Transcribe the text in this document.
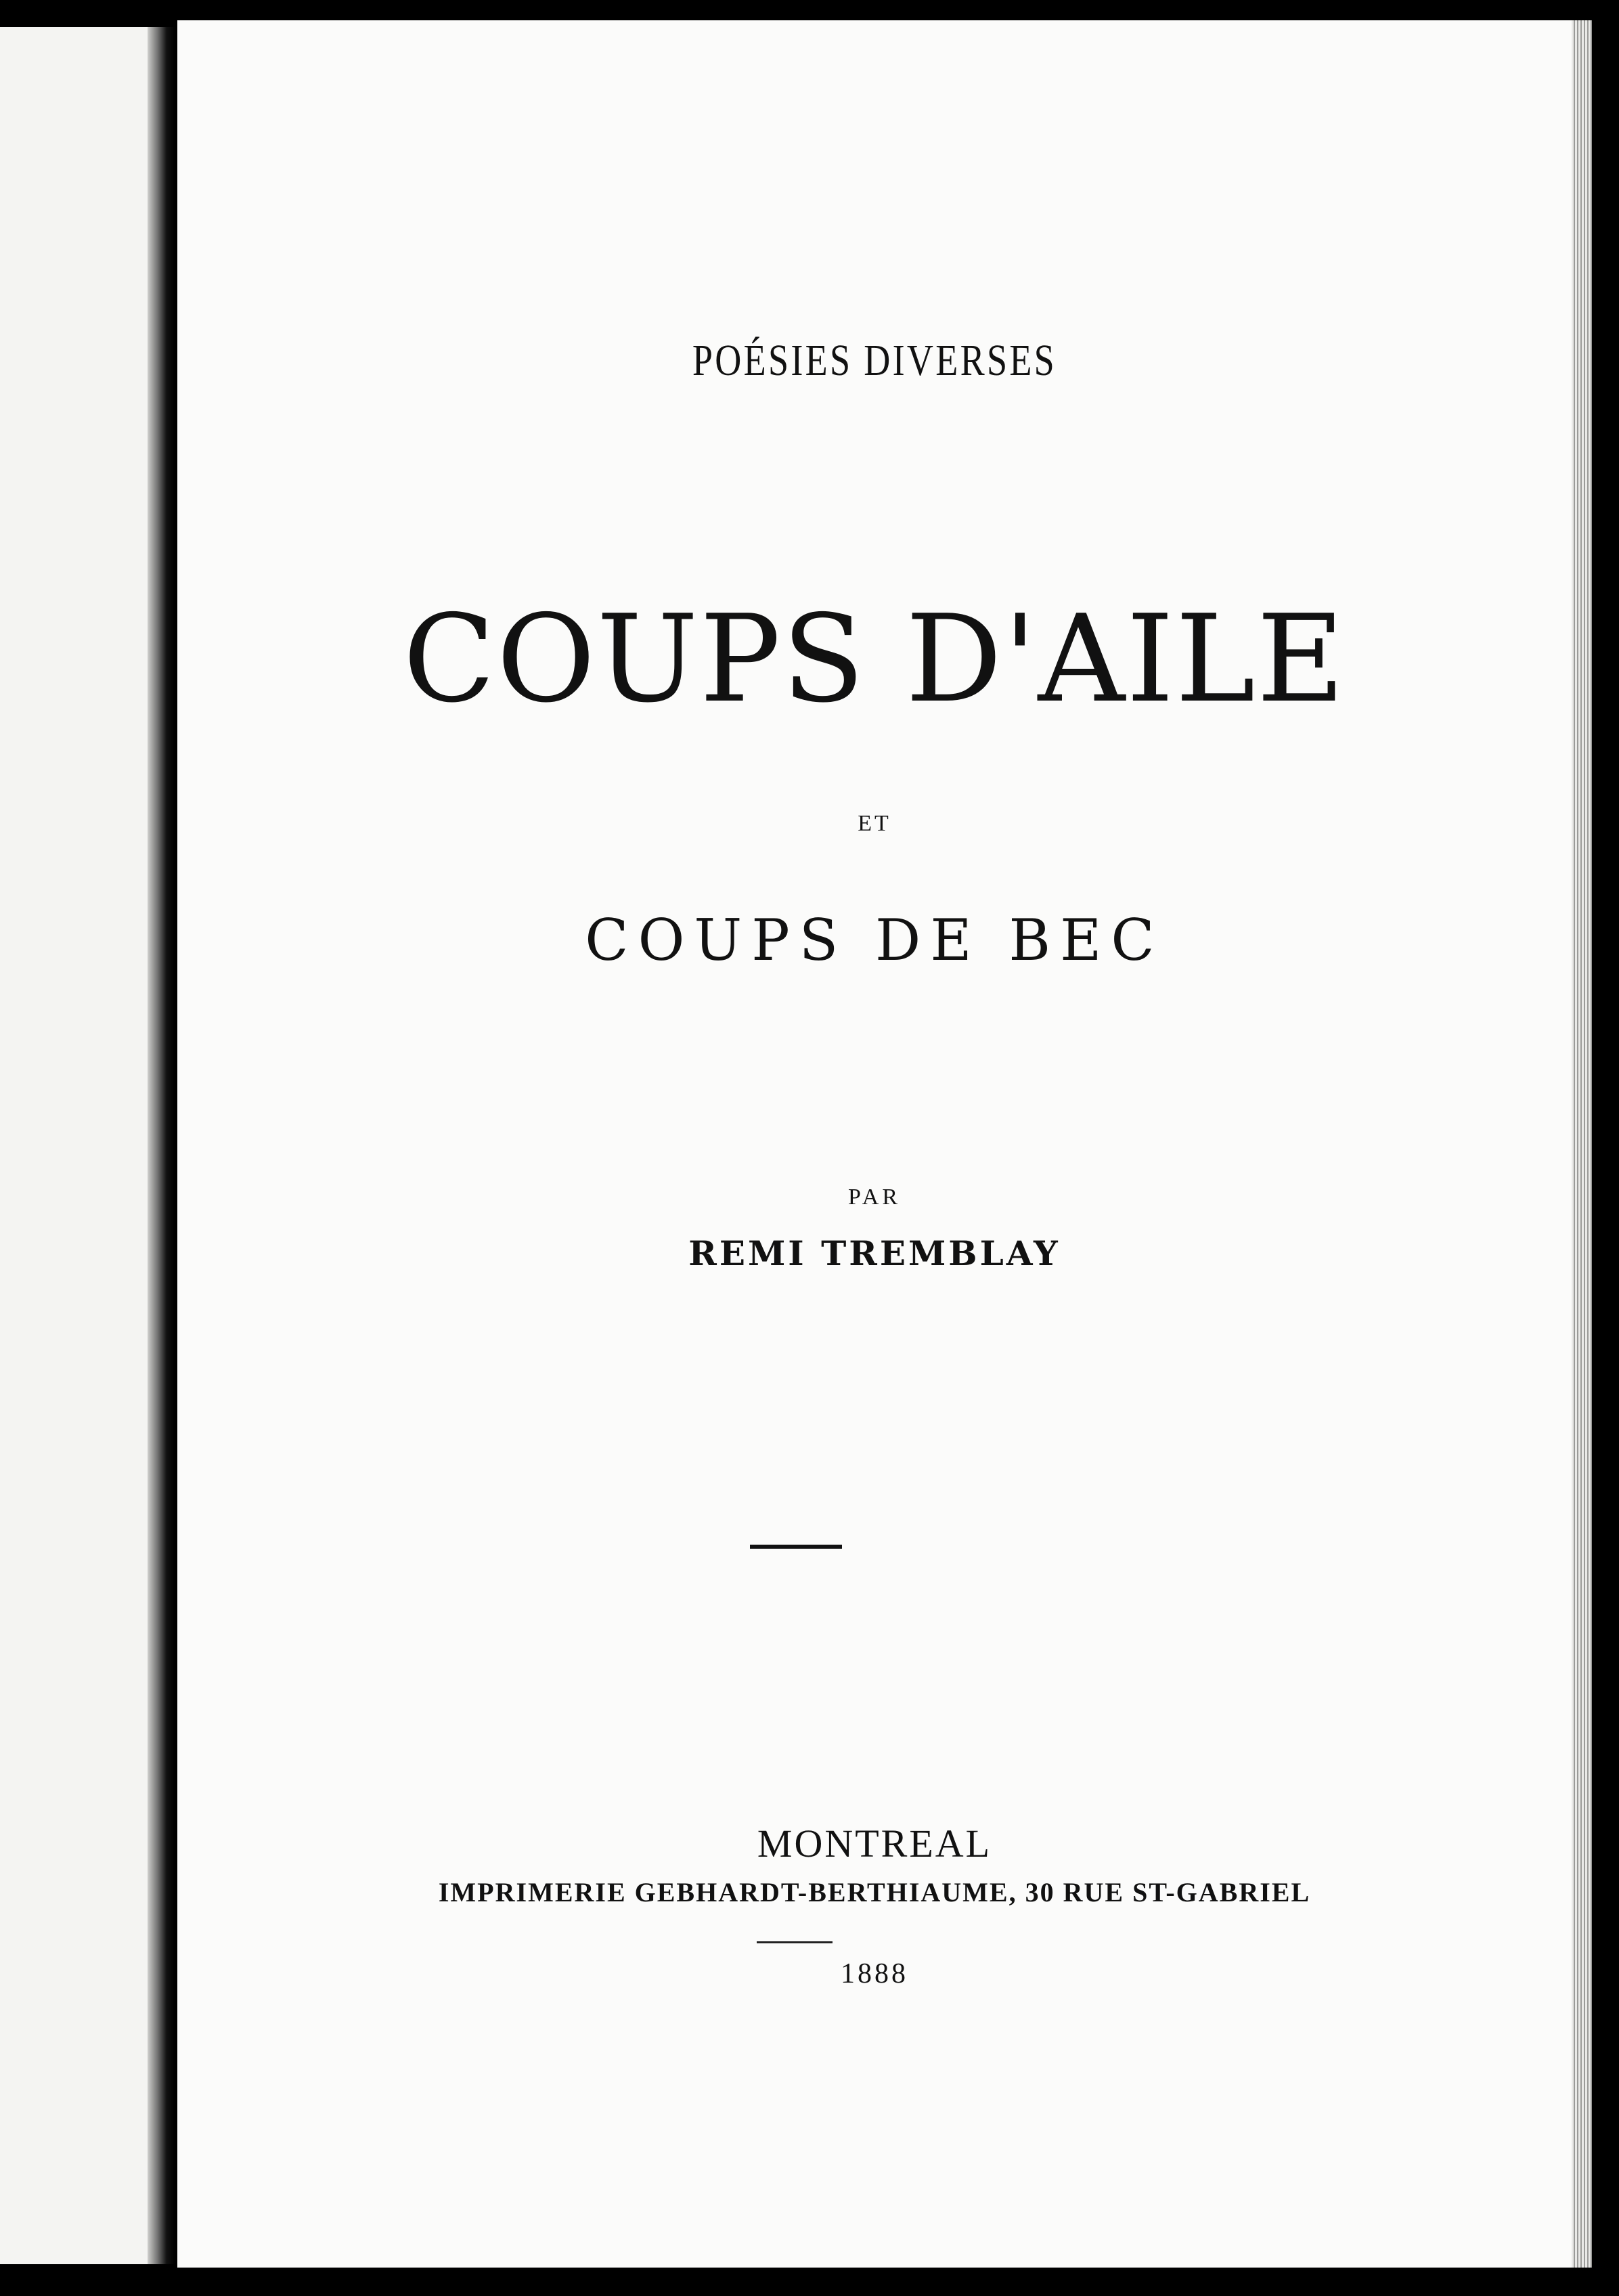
POÉSIES DIVERSES
COUPS D'AILE
ET
COUPS DE BEC
PAR
REMI TREMBLAY
MONTREAL
IMPRIMERIE GEBHARDT-BERTHIAUME, 30 RUE ST-GABRIEL
1888
